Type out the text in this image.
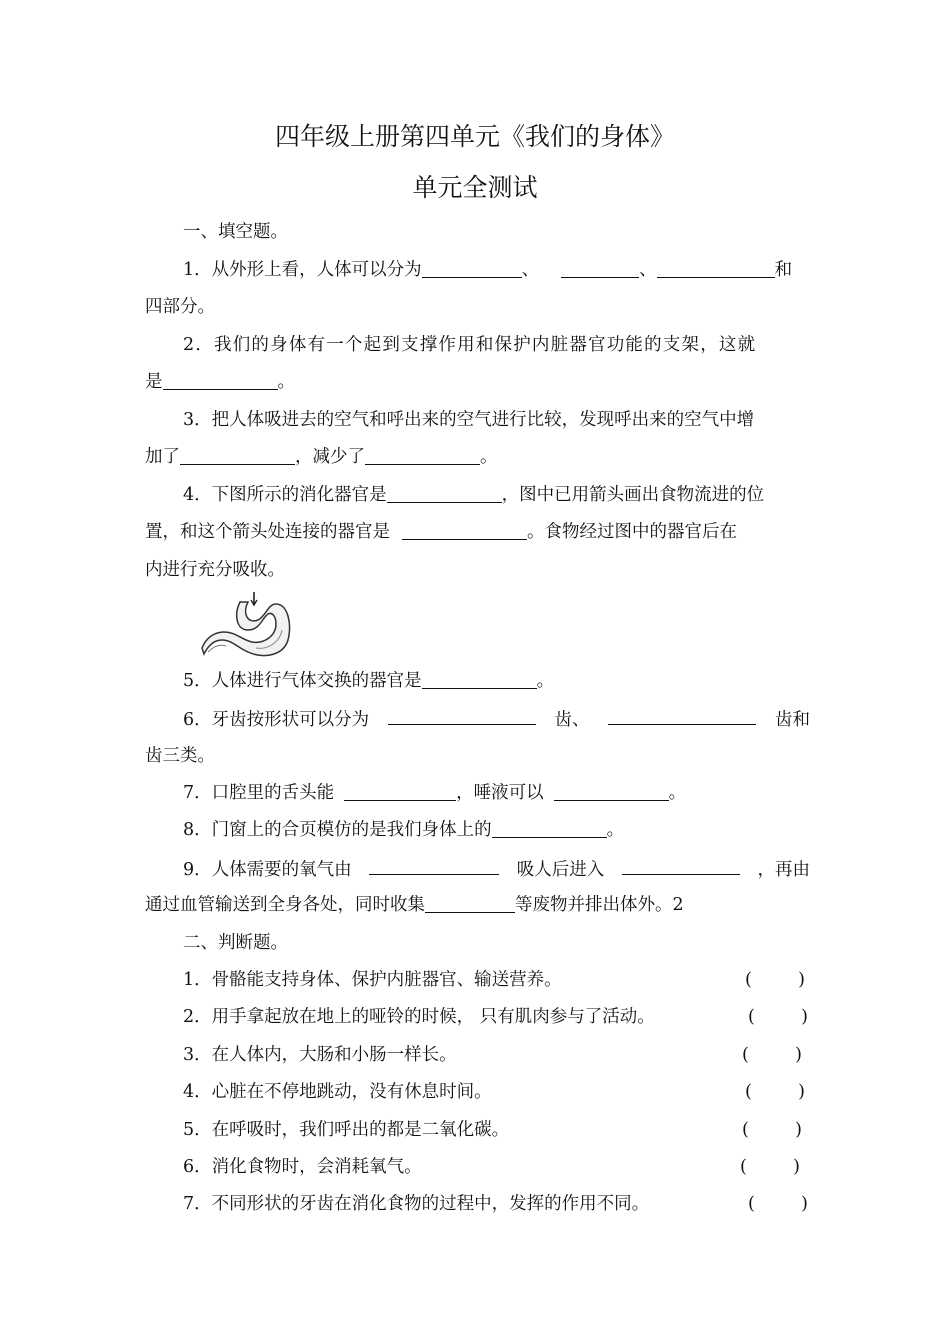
四年级上册第四单元《我们的身体》
单元全测试
一、填空题。
1．从外形上看，人体可以分为	、	、	和
四部分。
2．我们的身体有一个起到支撑作用和保护内脏器官功能的支架，这就
是	。
3．把人体吸进去的空气和呼出来的空气进行比较，发现呼出来的空气中增
加了	，减少了	。
4．下图所示的消化器官是	，图中已用箭头画出食物流进的位
置，和这个箭头处连接的器官是	。食物经过图中的器官后在
内进行充分吸收。
5．人体进行气体交换的器官是	。
6．牙齿按形状可以分为	齿、	齿和
齿三类。
7．口腔里的舌头能	，唾液可以	。
8．门窗上的合页模仿的是我们身体上的	。
9．人体需要的氧气由	吸人后进入	，再由
通过血管输送到全身各处，同时收集	等废物并排出体外。2
二、判断题。
1．骨骼能支持身体、保护内脏器官、输送营养。	(	)
2．用手拿起放在地上的哑铃的时候， 只有肌肉参与了活动。	(	)
3．在人体内，大肠和小肠一样长。	(	)
4．心脏在不停地跳动，没有休息时间。	(	)
5．在呼吸时，我们呼出的都是二氧化碳。	(	)
6．消化食物时，会消耗氧气。	(	)
7．不同形状的牙齿在消化食物的过程中，发挥的作用不同。	(	)
